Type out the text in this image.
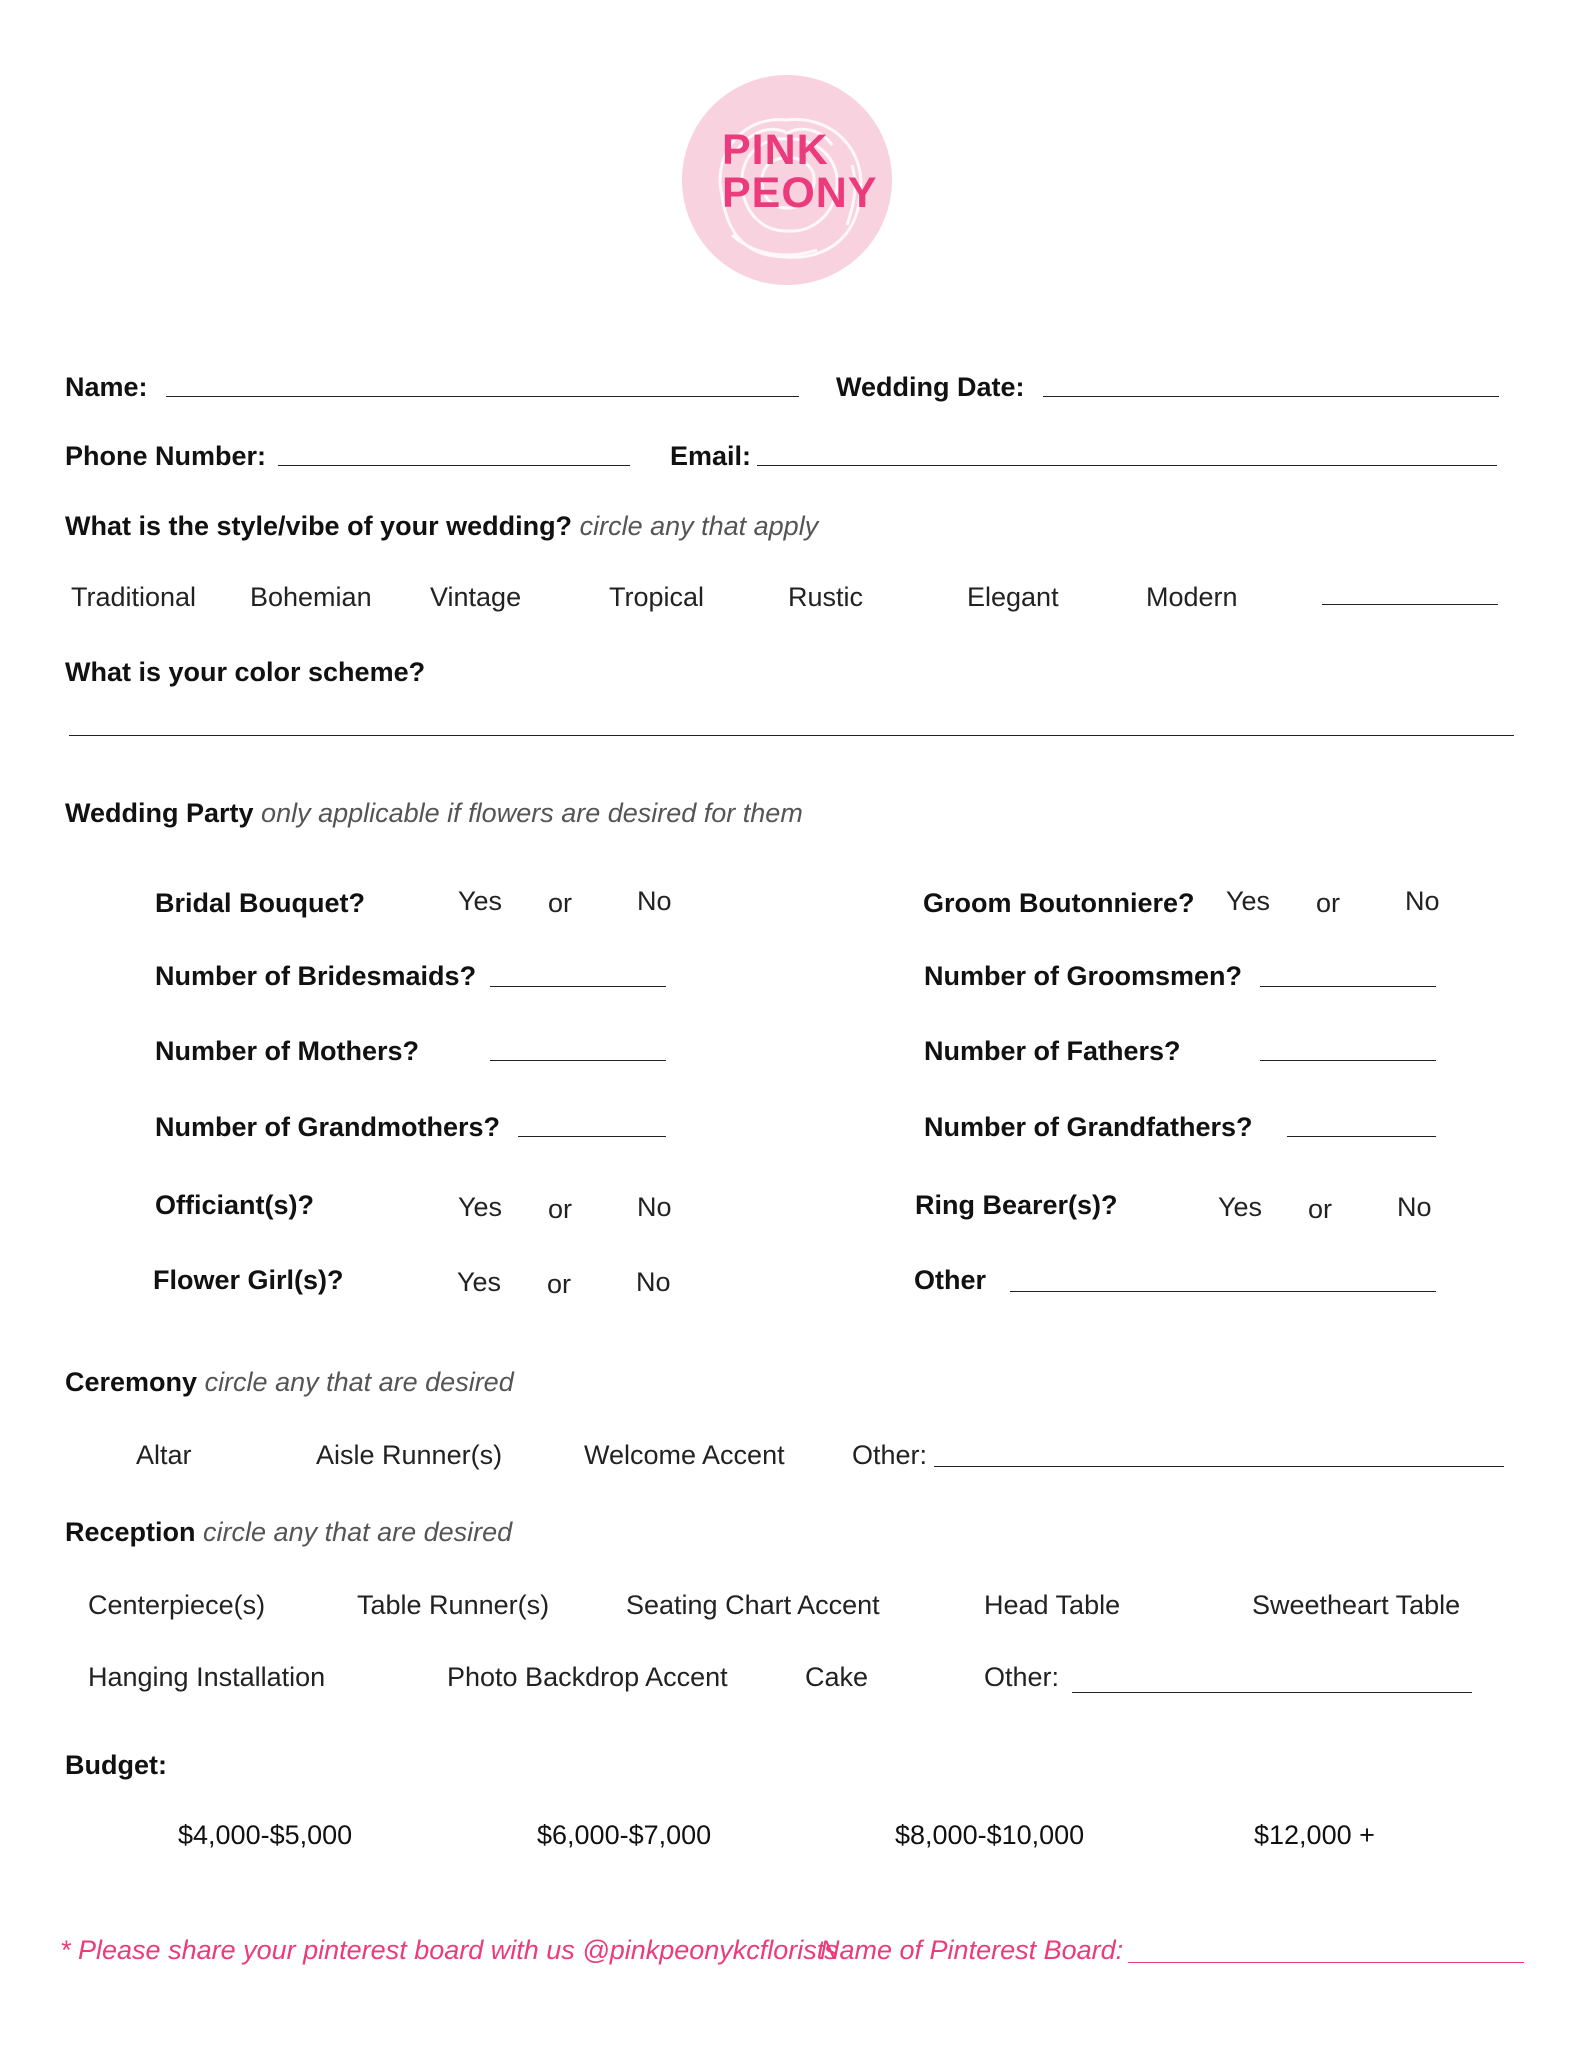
PINK
PEONY
Name:	Wedding Date:
Phone Number:	Email:
What is the style/vibe of your wedding? circle any that apply
Traditional Bohemian Vintage	Tropical	Rustic	Elegant	Modern
What is your color scheme?
Wedding Party only applicable if flowers are desired for them
Bridal Bouquet?	Yes or No	Groom Boutonniere? Yes or No
Number of Bridesmaids?	Number of Groomsmen?
Number of Mothers?	Number of Fathers?
Number of Grandmothers?	Number of Grandfathers?
Officiant(s)?	Yes or No	Ring Bearer(s)?	Yes or No
Flower Girl(s)?	Yes or No	Other
Ceremony circle any that are desired
Altar	Aisle Runner(s)	Welcome Accent Other:
Reception circle any that are desired
Centerpiece(s)	Table Runner(s)	Seating Chart Accent	Head Table	Sweetheart Table
Hanging Installation	Photo Backdrop Accent	Cake	Other:
Budget:
$4,000-$5,000	$6,000-$7,000	$8,000-$10,000	$12,000 +
* Please share your pinterest board with us @pinkpeonykcflorists
Name of Pinterest Board:
